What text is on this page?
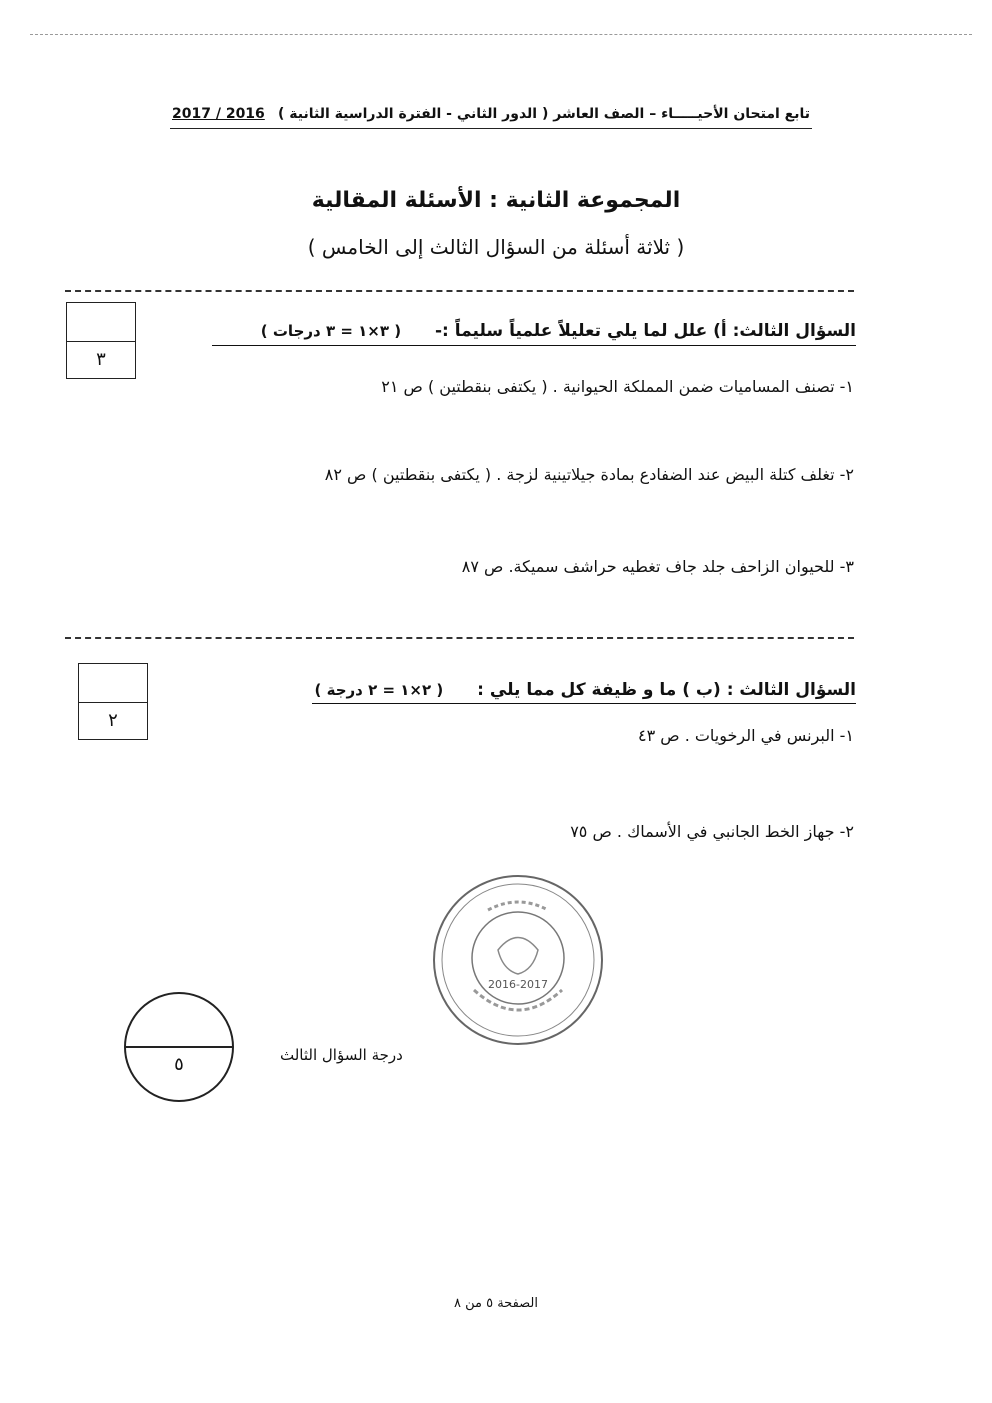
تابع امتحان الأحيـــــاء – الصف العاشر ( الدور الثاني - الفترة الدراسية الثانية )
2017 / 2016
المجموعة الثانية : الأسئلة المقالية
( ثلاثة أسئلة من السؤال الثالث إلى الخامس )
٣
السؤال الثالث: أ) علل لما يلي تعليلاً علمياً سليماً :- ( ٣×١ = ٣ درجات )
١- تصنف المساميات ضمن المملكة الحيوانية . ( يكتفى بنقطتين ) ص ٢١
٢- تغلف كتلة البيض عند الضفادع بمادة جيلاتينية لزجة . ( يكتفى بنقطتين ) ص ٨٢
٣- للحيوان الزاحف جلد جاف تغطيه حراشف سميكة. ص ٨٧
٢
السؤال الثالث : (ب ) ما و ظيفة كل مما يلي : ( ٢×١ = ٢ درجة )
١- البرنس في الرخويات . ص ٤٣
٢- جهاز الخط الجانبي في الأسماك . ص ٧٥
2016-2017
٥	درجة السؤال الثالث
الصفحة ٥ من ٨
